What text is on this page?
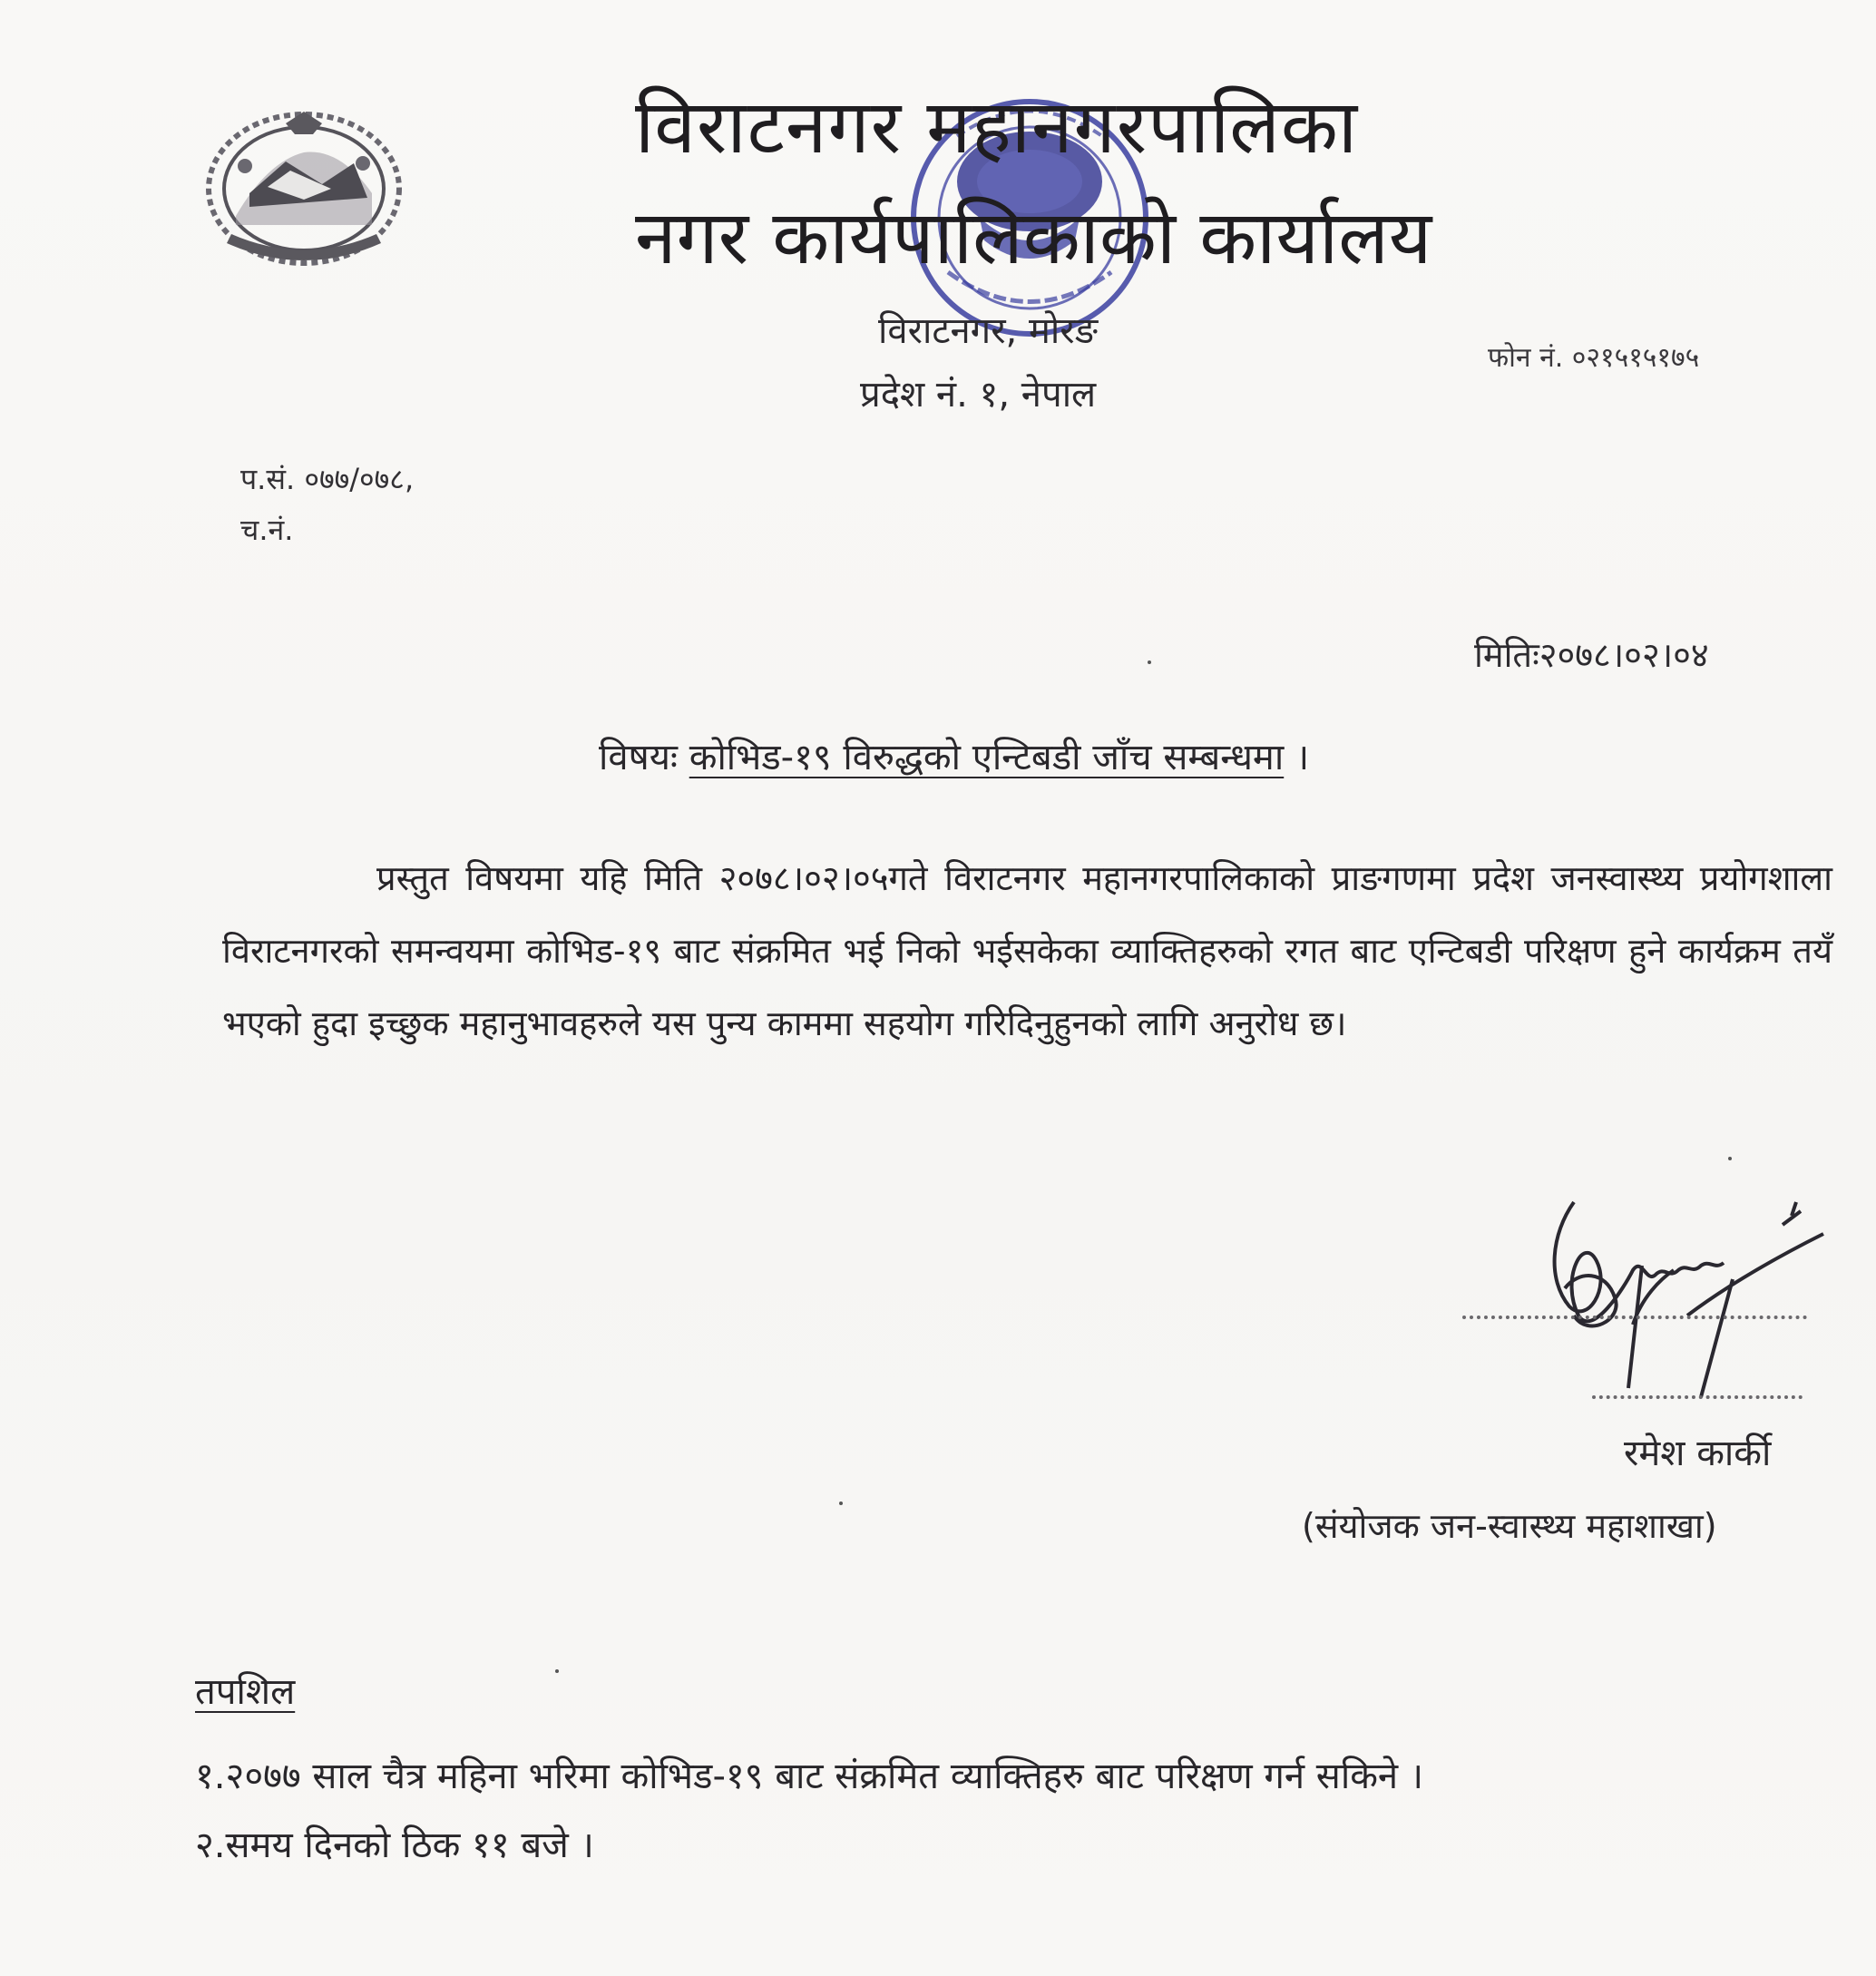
विराटनगर महानगरपालिका
नगर कार्यपालिकाको कार्यालय
विराटनगर, मोरङ
प्रदेश नं. १, नेपाल
फोन नं. ०२१५१५१७५
प.सं. ०७७/०७८,
च.नं.
मितिः२०७८।०२।०४
विषयः कोभिड-१९ विरुद्धको एन्टिबडी जाँच सम्बन्धमा ।
प्रस्तुत विषयमा यहि मिति २०७८।०२।०५गते विराटनगर महानगरपालिकाको प्राङगणमा प्रदेश जनस्वास्थ्य प्रयोगशाला विराटनगरको समन्वयमा कोभिड-१९ बाट संक्रमित भई निको भईसकेका व्याक्तिहरुको रगत बाट एन्टिबडी परिक्षण हुने कार्यक्रम तयँ भएको हुदा इच्छुक महानुभावहरुले यस पुन्य काममा सहयोग गरिदिनुहुनको लागि अनुरोध छ।
रमेश कार्की
(संयोजक जन-स्वास्थ्य महाशाखा)
तपशिल
१.२०७७ साल चैत्र महिना भरिमा कोभिड-१९ बाट संक्रमित व्याक्तिहरु बाट परिक्षण गर्न सकिने ।
२.समय दिनको ठिक ११ बजे ।
